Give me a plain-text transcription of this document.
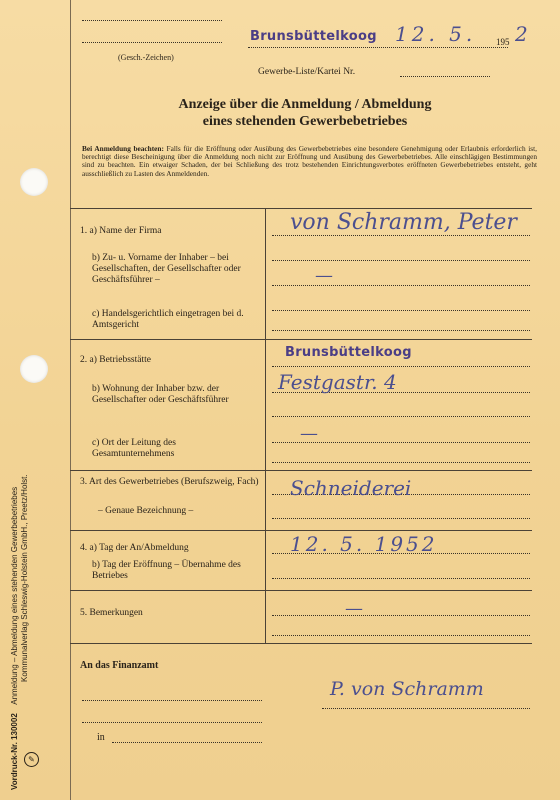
Vordruck-Nr. 130002    Anmeldung – Abmeldung eines stehenden Gewerbebetriebes
Kommunalverlag Schleswig-Holstein GmbH., Preetz/Holst.
✎
(Gesch.-Zeichen)
Brunsbüttelkoog 12. 5. 195 2
Gewerbe-Liste/Kartei Nr.
Anzeige über die Anmeldung / Abmeldung
eines stehenden Gewerbebetriebes
Bei Anmeldung beachten: Falls für die Eröffnung oder Ausübung des Gewerbebetriebes eine besondere Genehmigung oder Erlaubnis erforderlich ist, berechtigt diese Bescheinigung über die Anmeldung noch nicht zur Eröffnung und Ausübung des Gewerbebetriebes. Alle einschlägigen Bestimmungen sind zu beachten. Ein etwaiger Schaden, der bei Schließung des trotz bestehenden Einrichtungsverbotes eröffneten Gewerbebetriebes entsteht, geht ausschließlich zu Lasten des Anmeldenden.
1. a) Name der Firma
b) Zu- u. Vorname der Inhaber – bei Gesellschaften, der Gesellschafter oder Geschäftsführer –
c) Handelsgerichtlich eingetragen bei d. Amtsgericht
von Schramm, Peter
—
2. a) Betriebsstätte
b) Wohnung der Inhaber bzw. der Gesellschafter oder Geschäftsführer
c) Ort der Leitung des Gesamtunternehmens
Brunsbüttelkoog
Festgastr. 4
—
3. Art des Gewerbetriebes (Berufszweig, Fach)
– Genaue Bezeichnung –
Schneiderei
4. a) Tag der An/Abmeldung
b) Tag der Eröffnung – Übernahme des Betriebes
12. 5. 1952
5. Bemerkungen	—
An das Finanzamt
in
P. von Schramm
